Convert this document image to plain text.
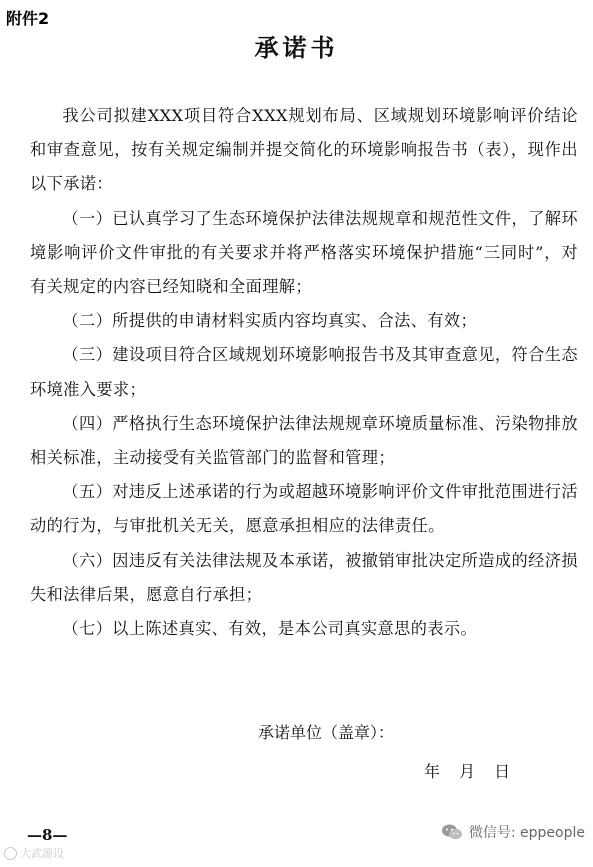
附件2
承诺书

我公司拟建XXX项目符合XXX规划布局、区域规划环境影响评价结论和审查意见，按有关规定编制并提交简化的环境影响报告书（表），现作出以下承诺：

（一）已认真学习了生态环境保护法律法规规章和规范性文件，了解环境影响评价文件审批的有关要求并将严格落实环境保护措施“三同时”，对有关规定的内容已经知晓和全面理解；

（二）所提供的申请材料实质内容均真实、合法、有效；

（三）建设项目符合区域规划环境影响报告书及其审查意见，符合生态环境准入要求；

（四）严格执行生态环境保护法律法规规章环境质量标准、污染物排放相关标准，主动接受有关监管部门的监督和管理；

（五）对违反上述承诺的行为或超越环境影响评价文件审批范围进行活动的行为，与审批机关无关，愿意承担相应的法律责任。

（六）因违反有关法律法规及本承诺，被撤销审批决定所造成的经济损失和法律后果，愿意自行承担；

（七）以上陈述真实、有效，是本公司真实意思的表示。

承诺单位（盖章）：
年 月 日
—8—
大武源设
微信号: eppeople
